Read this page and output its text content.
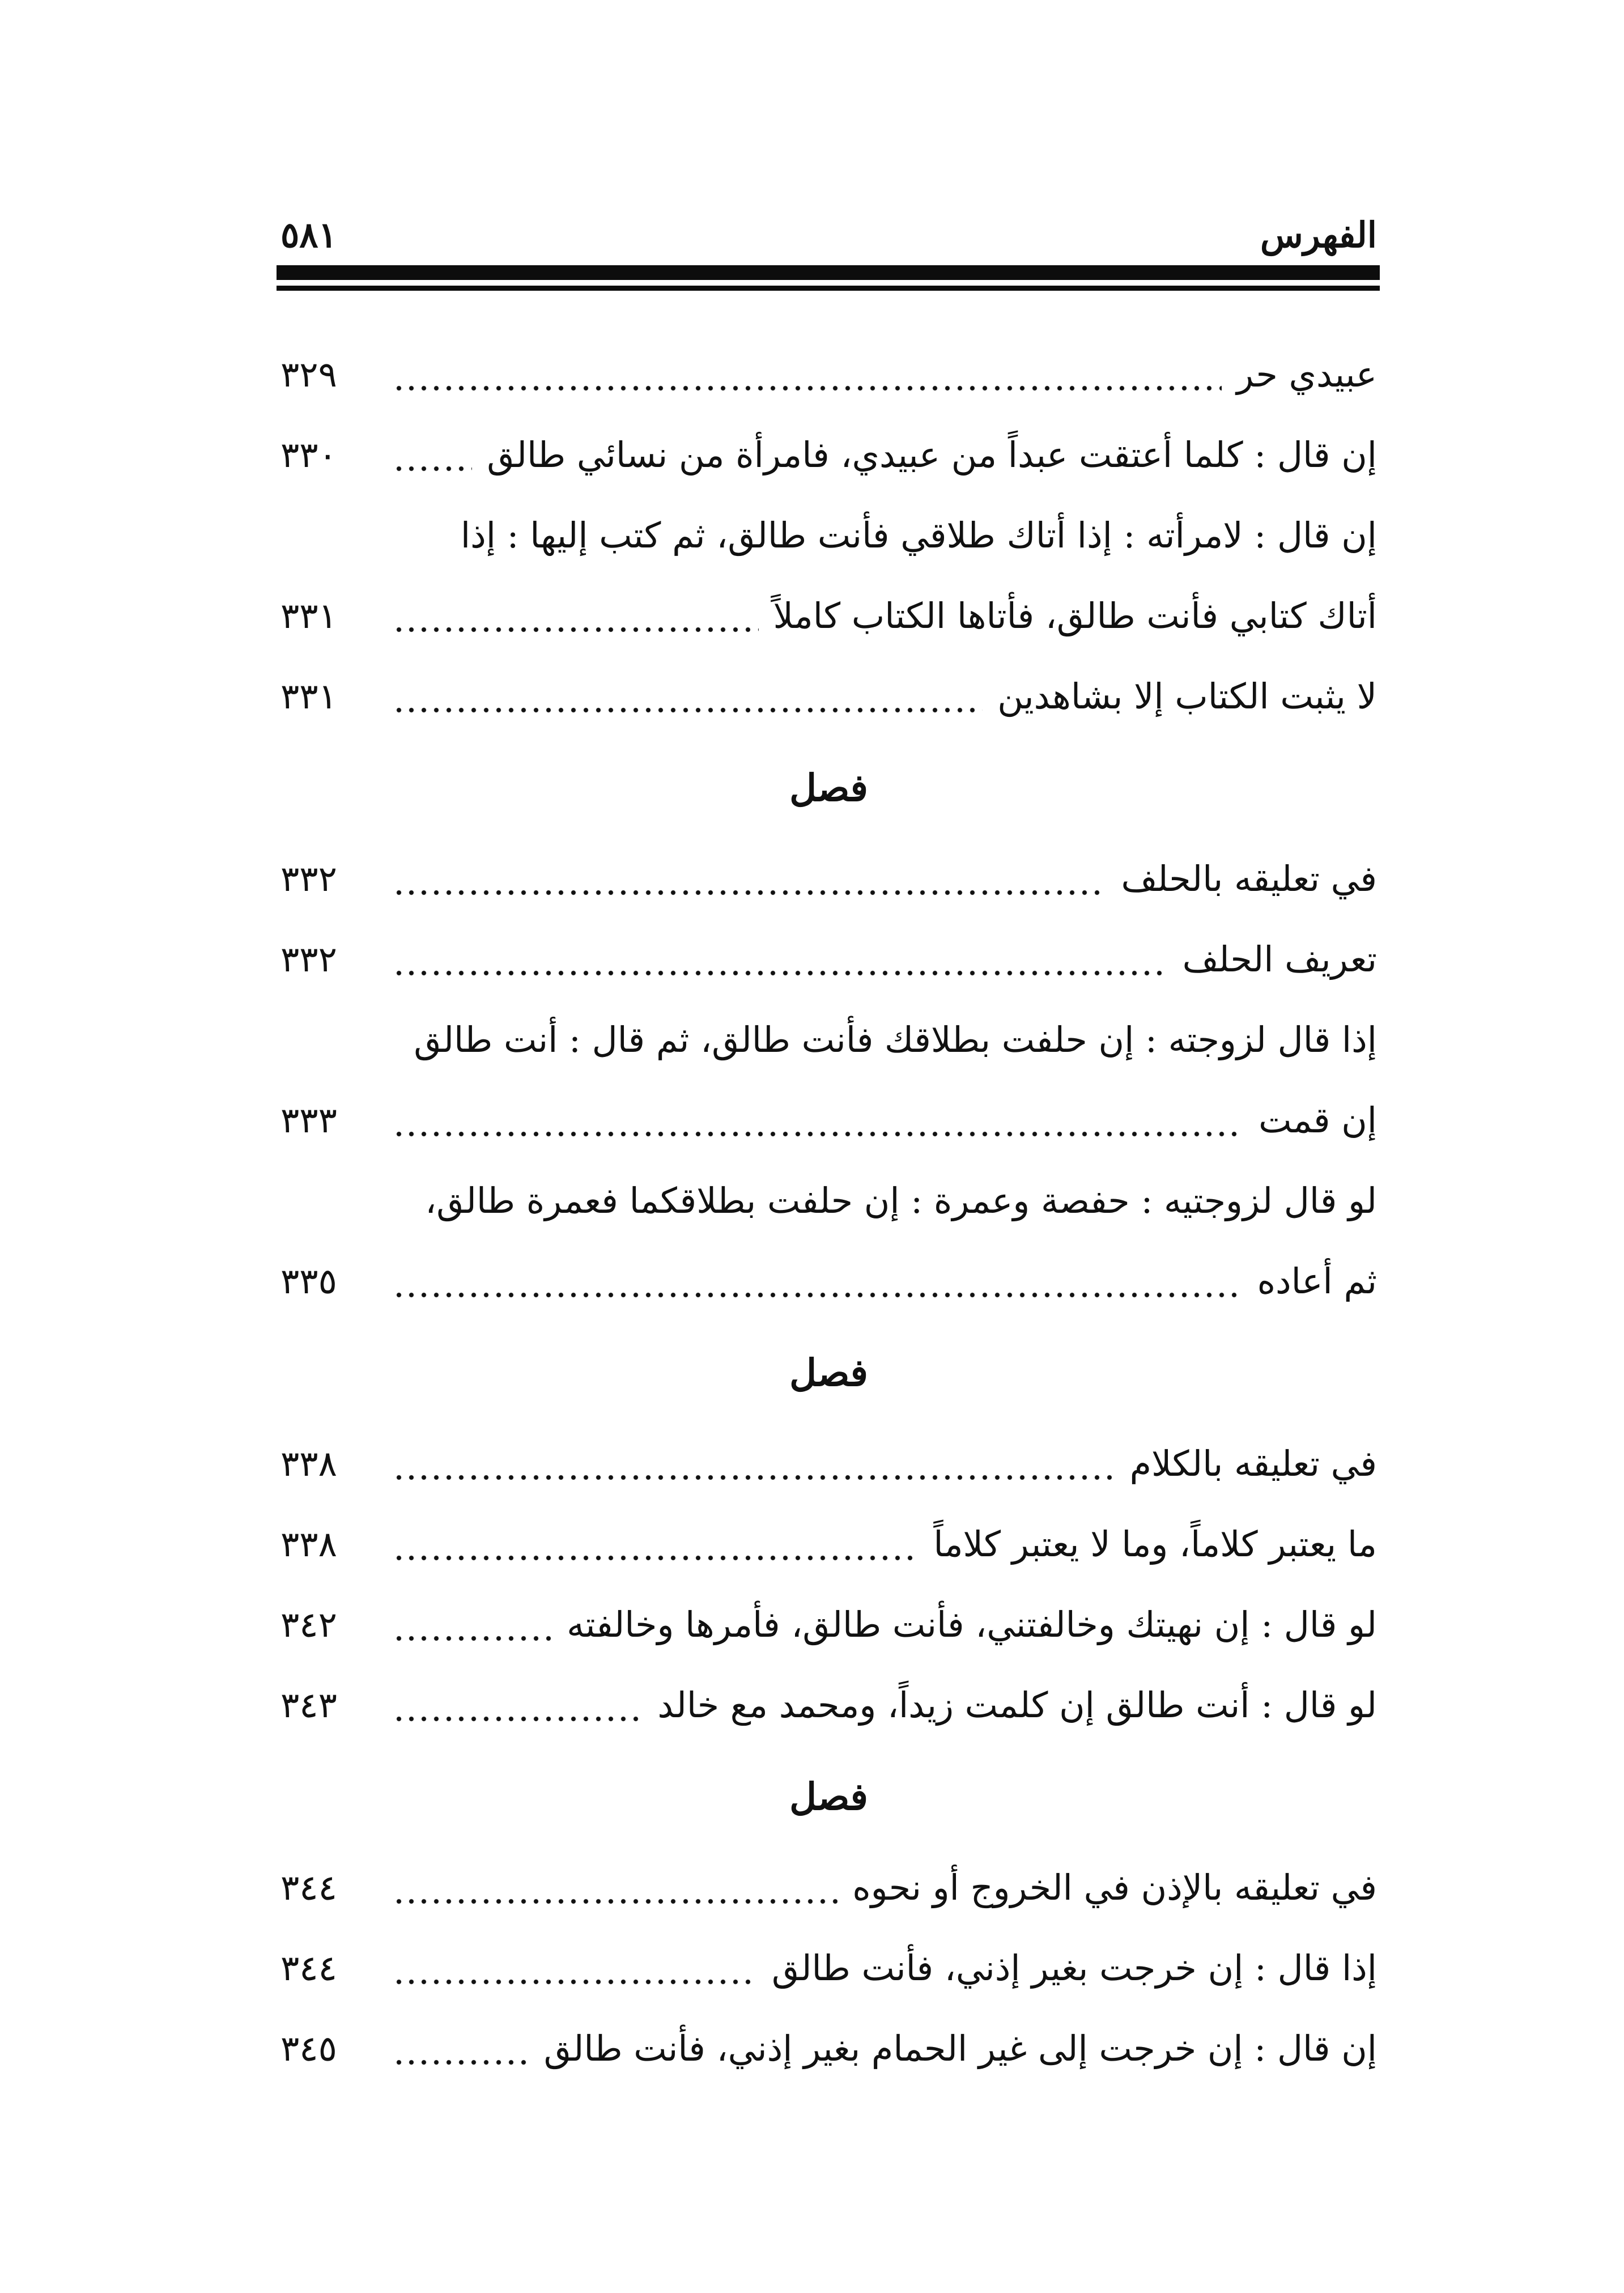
الفهرس
٥٨١
عبيدي حر
٣٢٩
إن قال : كلما أعتقت عبداً من عبيدي، فامرأة من نسائي طالق
٣٣٠
إن قال : لامرأته : إذا أتاك طلاقي فأنت طالق، ثم كتب إليها : إذا
أتاك كتابي فأنت طالق، فأتاها الكتاب كاملاً
٣٣١
لا يثبت الكتاب إلا بشاهدين
٣٣١
فصل
في تعليقه بالحلف
٣٣٢
تعريف الحلف
٣٣٢
إذا قال لزوجته : إن حلفت بطلاقك فأنت طالق، ثم قال : أنت طالق
إن قمت
٣٣٣
لو قال لزوجتيه : حفصة وعمرة : إن حلفت بطلاقكما فعمرة طالق،
ثم أعاده
٣٣٥
فصل
في تعليقه بالكلام
٣٣٨
ما يعتبر كلاماً، وما لا يعتبر كلاماً
٣٣٨
لو قال : إن نهيتك وخالفتني، فأنت طالق، فأمرها وخالفته
٣٤٢
لو قال : أنت طالق إن كلمت زيداً، ومحمد مع خالد
٣٤٣
فصل
في تعليقه بالإذن في الخروج أو نحوه
٣٤٤
إذا قال : إن خرجت بغير إذني، فأنت طالق
٣٤٤
إن قال : إن خرجت إلى غير الحمام بغير إذني، فأنت طالق
٣٤٥
